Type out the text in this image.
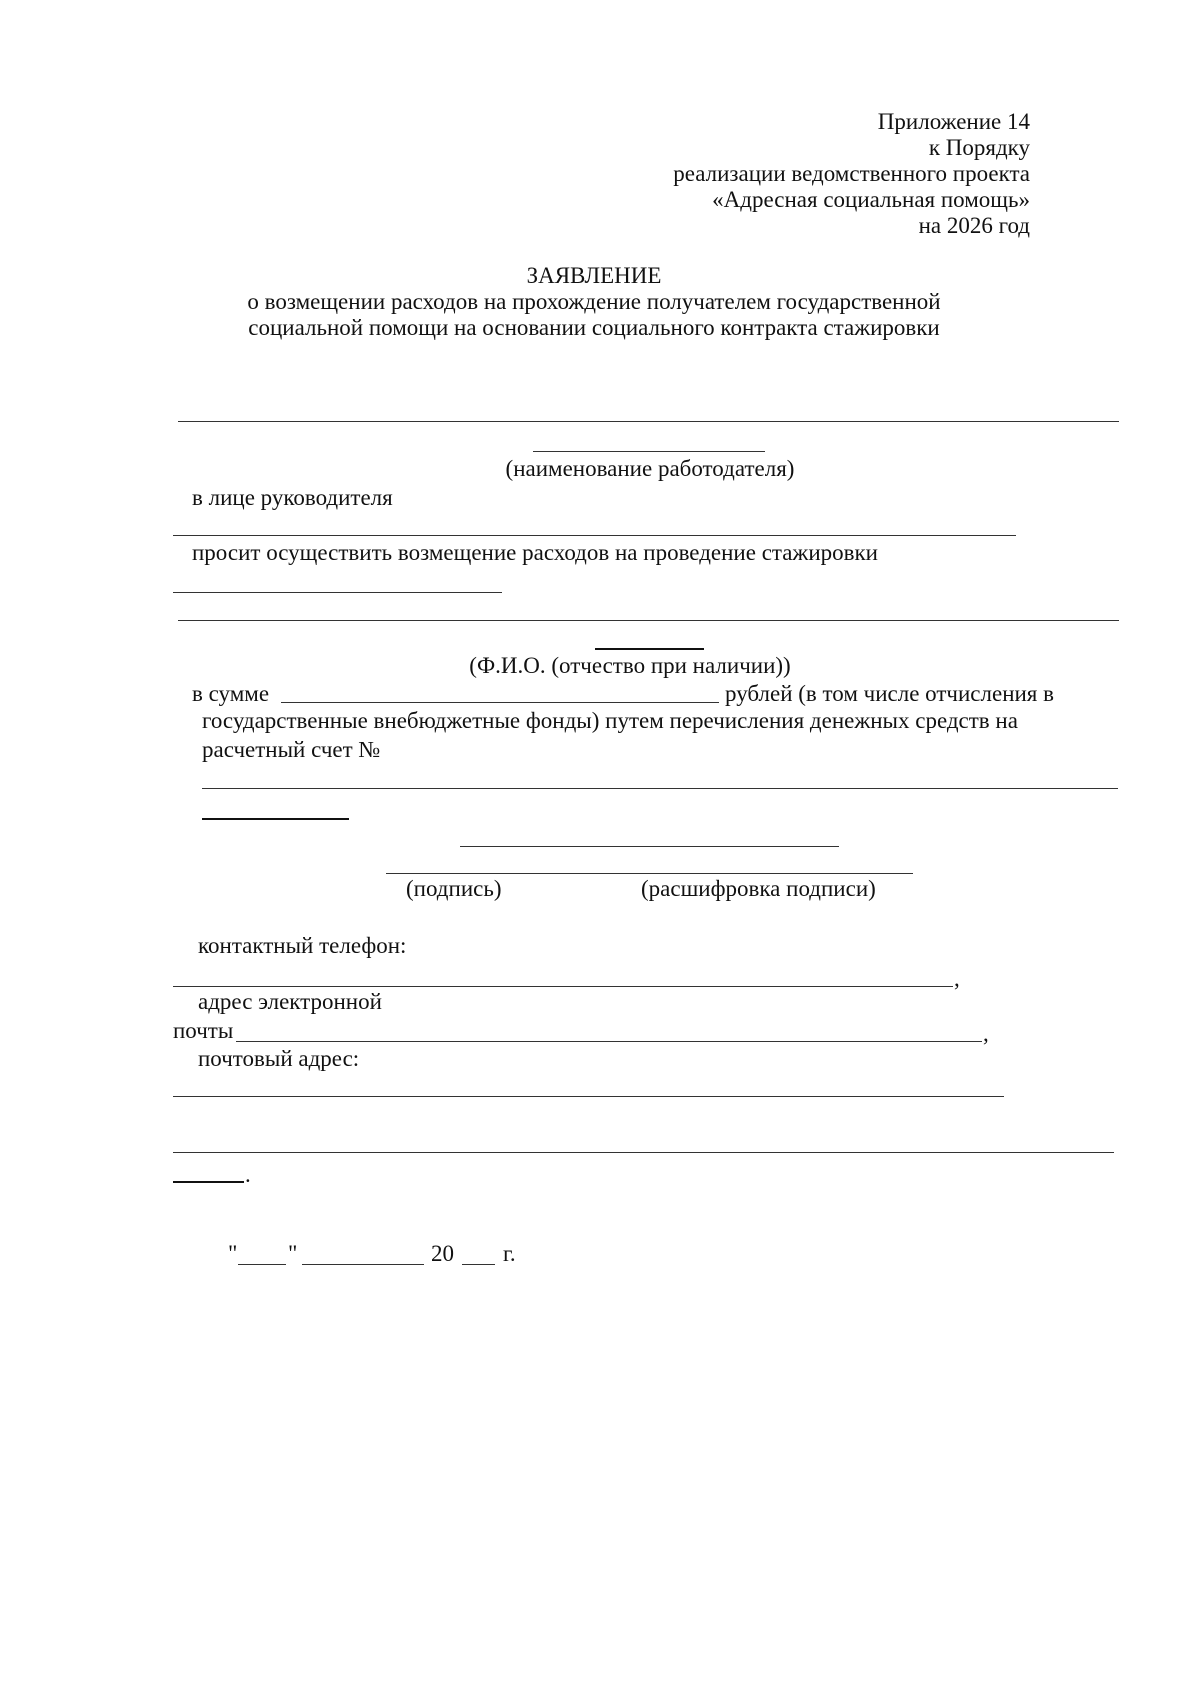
Приложение 14
к Порядку
реализации ведомственного проекта
«Адресная социальная помощь»
на 2026 год
ЗАЯВЛЕНИЕ
о возмещении расходов на прохождение получателем государственной
социальной помощи на основании социального контракта стажировки
(наименование работодателя)
в лице руководителя
просит осуществить возмещение расходов на проведение стажировки
(Ф.И.О. (отчество при наличии))
в сумме	рублей (в том числе отчисления в
государственные внебюджетные фонды) путем перечисления денежных средств на
расчетный счет №
(подпись)	(расшифровка подписи)
контактный телефон:
,
адрес электронной
почты	,
почтовый адрес:
.
" "	20 г.
